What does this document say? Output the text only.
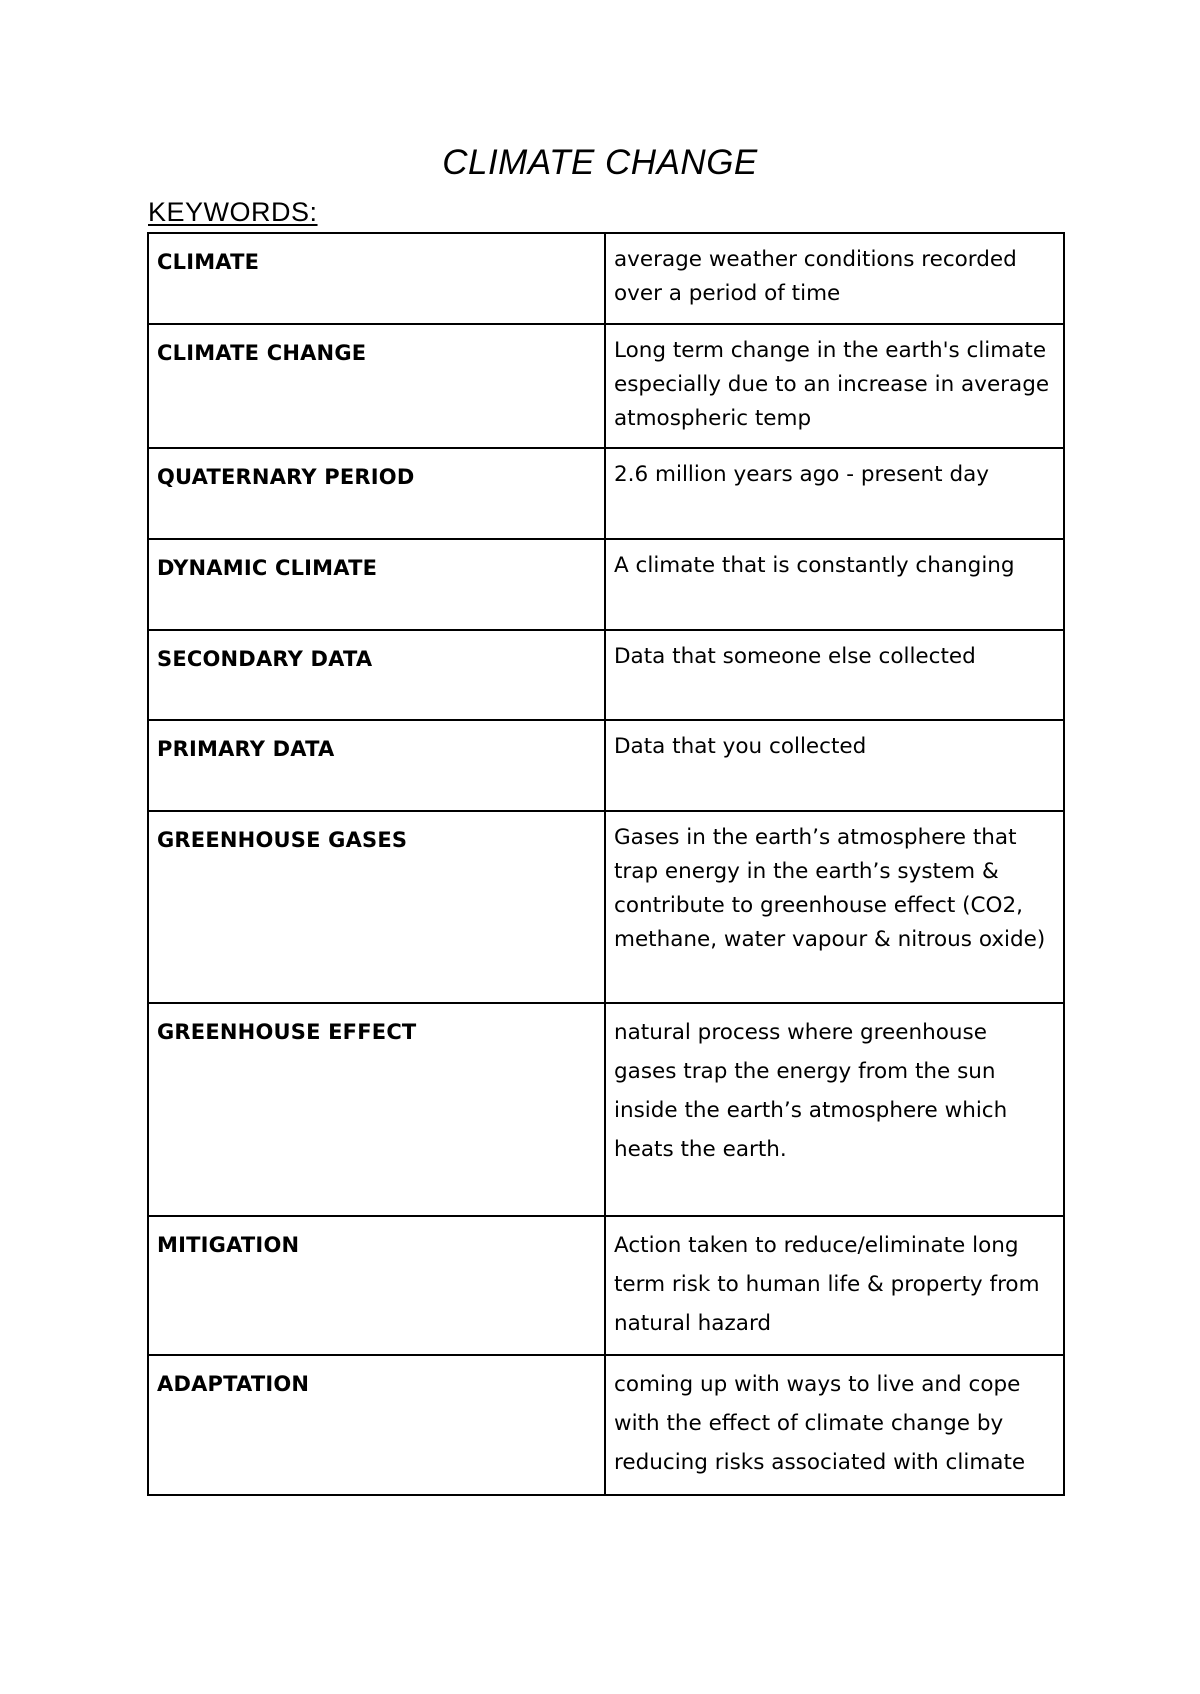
CLIMATE CHANGE
KEYWORDS:
CLIMATE	average weather conditions recorded over a period of time
CLIMATE CHANGE	Long term change in the earth's climate especially due to an increase in average atmospheric temp
QUATERNARY PERIOD	2.6 million years ago - present day
DYNAMIC CLIMATE	A climate that is constantly changing
SECONDARY DATA	Data that someone else collected
PRIMARY DATA	Data that you collected
GREENHOUSE GASES	Gases in the earth’s atmosphere that trap energy in the earth’s system & contribute to greenhouse effect (CO2, methane, water vapour & nitrous oxide)
GREENHOUSE EFFECT	natural process where greenhouse gases trap the energy from the sun inside the earth’s atmosphere which heats the earth.
MITIGATION	Action taken to reduce/eliminate long term risk to human life & property from natural hazard
ADAPTATION	coming up with ways to live and cope with the effect of climate change by reducing risks associated with climate
